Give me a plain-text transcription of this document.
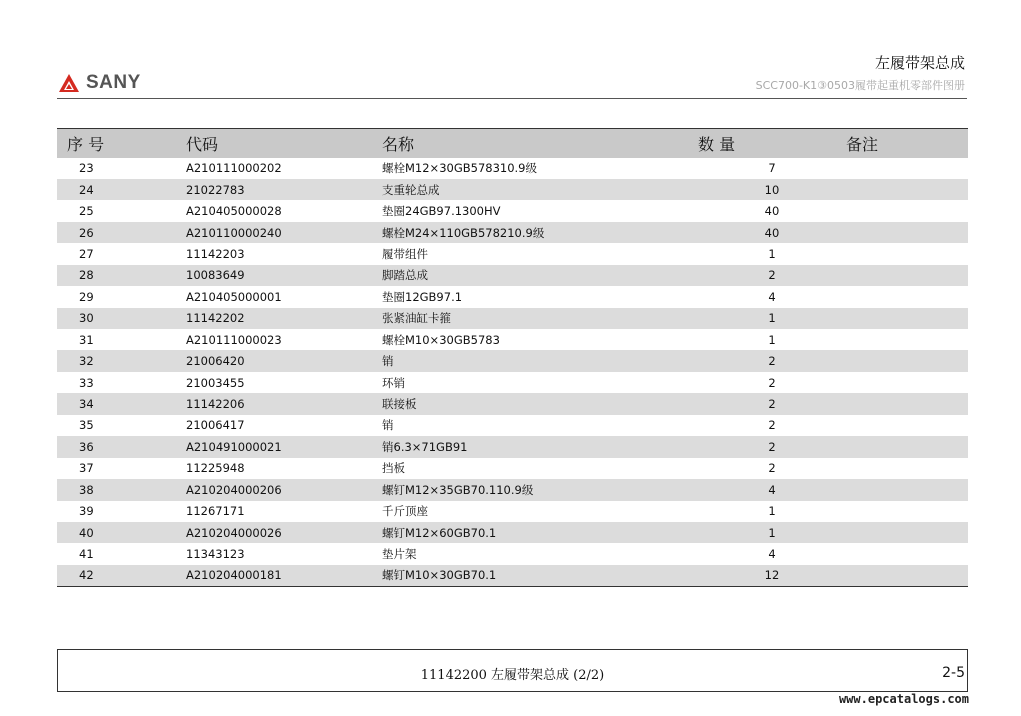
SANY
左履带架总成
SCC700-K1③0503履带起重机零部件图册
序 号	代码	名称	数 量	备注
23	A210111000202	螺栓M12×30GB578310.9级	7	
24	21022783	支重轮总成	10	
25	A210405000028	垫圈24GB97.1300HV	40	
26	A210110000240	螺栓M24×110GB578210.9级	40	
27	11142203	履带组件	1	
28	10083649	脚踏总成	2	
29	A210405000001	垫圈12GB97.1	4	
30	11142202	张紧油缸卡箍	1	
31	A210111000023	螺栓M10×30GB5783	1	
32	21006420	销	2	
33	21003455	环销	2	
34	11142206	联接板	2	
35	21006417	销	2	
36	A210491000021	销6.3×71GB91	2	
37	11225948	挡板	2	
38	A210204000206	螺钉M12×35GB70.110.9级	4	
39	11267171	千斤顶座	1	
40	A210204000026	螺钉M12×60GB70.1	1	
41	11343123	垫片架	4	
42	A210204000181	螺钉M10×30GB70.1	12	
11142200 左履带架总成 (2/2)	2-5
www.epcatalogs.com
